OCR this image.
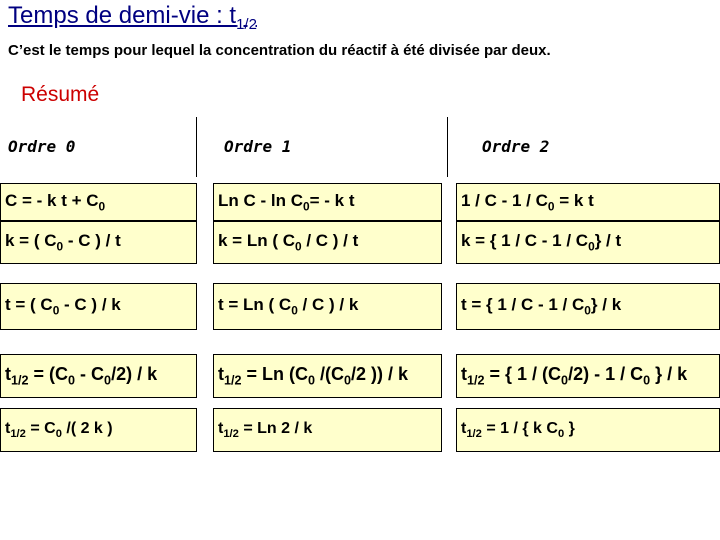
Temps de demi-vie : $t_{1/2}$
C’est le temps pour lequel la concentration du réactif à été divisée par deux.
Résumé
Ordre 0	Ordre 1	Ordre 2
C = - k $t + C_0$	Ln $C - \ln C_0= - k$ t	$1 / C - 1 / C_0 = k$ t
k = ( $C_0$ - C ) / t	k = Ln ( $C_0$ / C ) / t	k = { 1 / C - $1 / C_0$} / t
t = ( $C_0$ - C ) / k	t = Ln ( $C_0$ / C ) / k	t = { 1 / C - $1 / C_0$} / k
$t_{1/2} = (C_0 - C_0/2) / k$	$t_{1/2} = Ln$ ($C_0$ $/(C_0/2$ )) / k	$t_{1/2}$ = { $1 / (C_0/2) - 1 / C_0$ } / k
$t_{1/2} = C_0$ /( 2 k )	$t_{1/2} = Ln$ 2 / k	$t_{1/2} = 1$ / { k $C_0$ }
